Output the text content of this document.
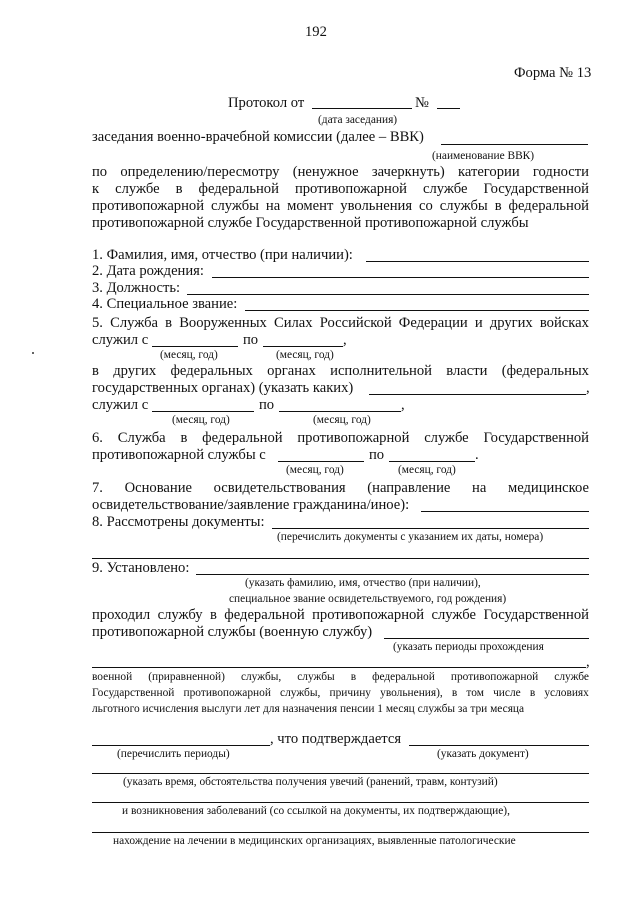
192
Форма № 13
Протокол от	№
(дата заседания)
заседания военно-врачебной комиссии (далее – ВВК)
(наименование ВВК)
по определению/пересмотру (ненужное зачеркнуть) категории годности
к службе в федеральной противопожарной службе Государственной
противопожарной службы на момент увольнения со службы в федеральной
противопожарной службе Государственной противопожарной службы
1. Фамилия, имя, отчество (при наличии):
2. Дата рождения:
3. Должность:
4. Специальное звание:
5. Служба в Вооруженных Силах Российской Федерации и других войсках
служил с	по	,
(месяц, год)	(месяц, год)
в других федеральных органах исполнительной власти (федеральных
государственных органах) (указать каких)	,
служил с	по	,
(месяц, год)	(месяц, год)
6. Служба в федеральной противопожарной службе Государственной
противопожарной службы с	по	.
(месяц, год)	(месяц, год)
7. Основание освидетельствования (направление на медицинское
освидетельствование/заявление гражданина/иное):
8. Рассмотрены документы:
(перечислить документы с указанием их даты, номера)
9. Установлено:
(указать фамилию, имя, отчество (при наличии),
специальное звание освидетельствуемого, год рождения)
проходил службу в федеральной противопожарной службе Государственной
противопожарной службы (военную службу)
(указать периоды прохождения
,
военной (приравненной) службы, службы в федеральной противопожарной службе
Государственной противопожарной службы, причину увольнения), в том числе в условиях
льготного исчисления выслуги лет для назначения пенсии 1 месяц службы за три месяца
, что подтверждается
(перечислить периоды)	(указать документ)
(указать время, обстоятельства получения увечий (ранений, травм, контузий)
и возникновения заболеваний (со ссылкой на документы, их подтверждающие),
нахождение на лечении в медицинских организациях, выявленные патологические
